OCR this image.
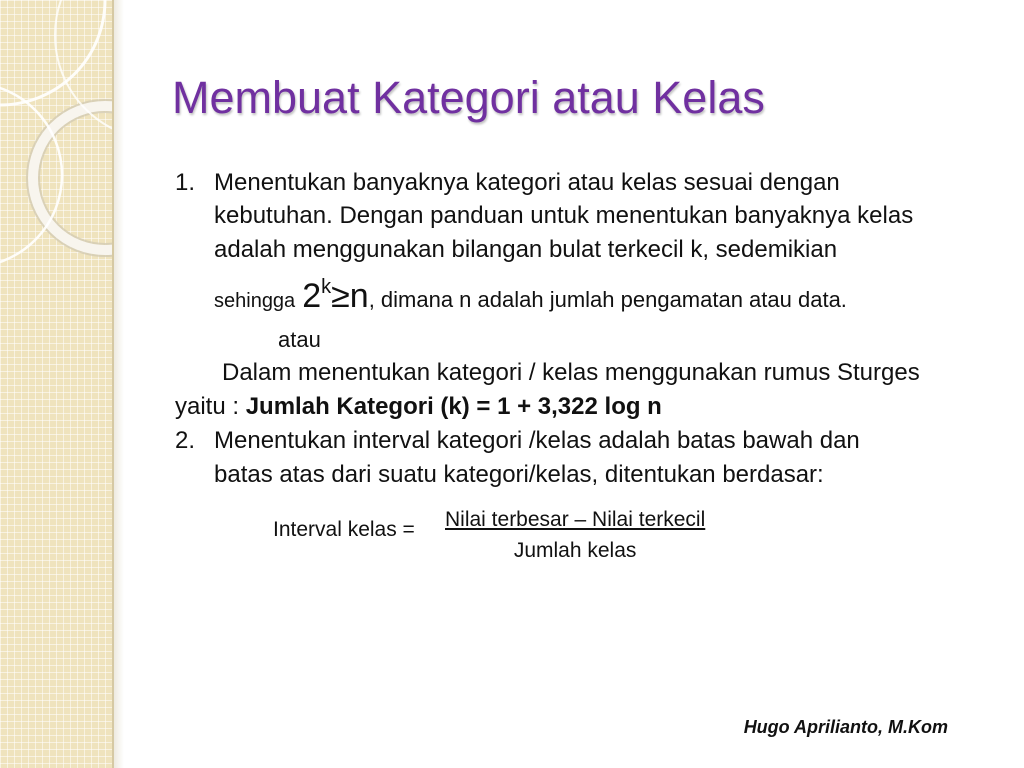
Membuat Kategori atau Kelas
1. Menentukan banyaknya kategori atau kelas sesuai dengan
kebutuhan. Dengan panduan untuk menentukan banyaknya kelas
adalah menggunakan bilangan bulat terkecil k, sedemikian
sehingga 2k≥n, dimana n adalah jumlah pengamatan atau data.
atau
Dalam menentukan kategori / kelas menggunakan rumus Sturges
yaitu : Jumlah Kategori (k) = 1 + 3,322 log n
2. Menentukan interval kategori /kelas adalah batas bawah dan
batas atas dari suatu kategori/kelas, ditentukan berdasar:
Interval kelas = Nilai terbesar – Nilai terkecil
Jumlah kelas
Hugo Aprilianto, M.Kom
